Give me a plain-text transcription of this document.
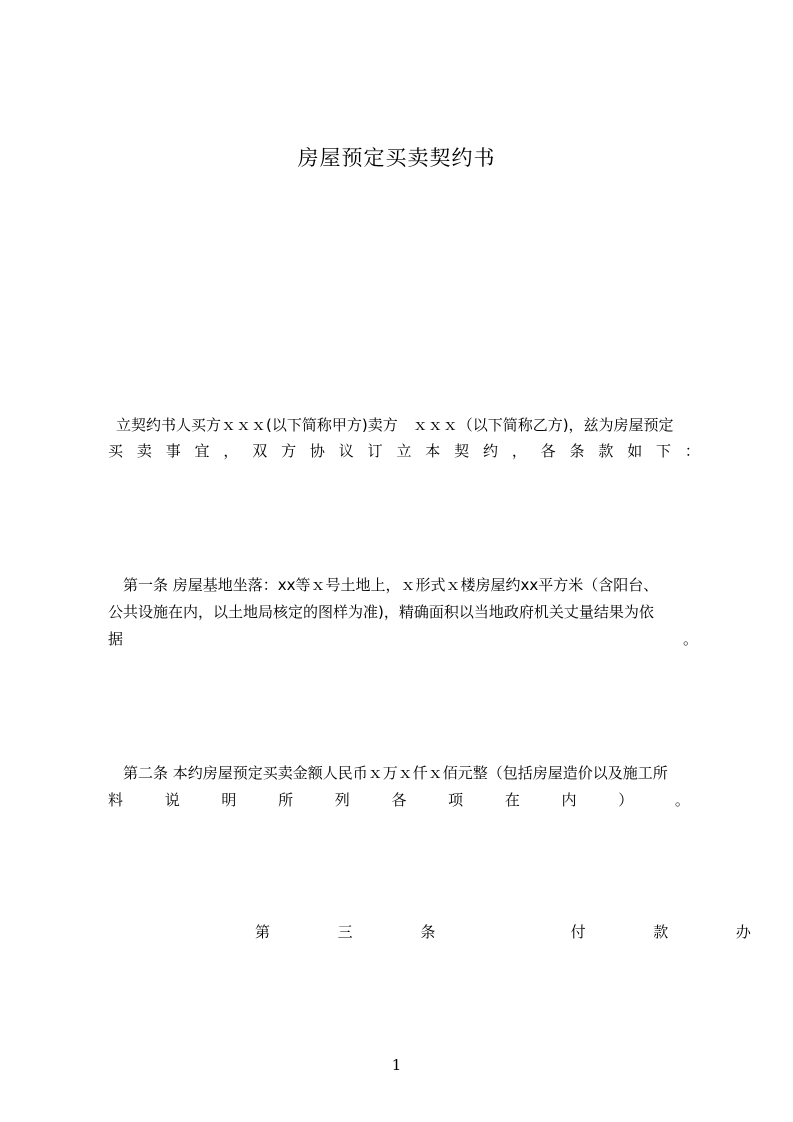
房屋预定买卖契约书
立契约书人买方ｘｘｘ(以下简称甲方)卖方　ｘｘｘ（以下简称乙方)，兹为房屋预定
买 卖 事 宜 ， 双 方 协 议 订 立 本 契 约 ， 各 条 款 如 下 ：
第一条 房屋基地坐落：xx等ｘ号土地上，ｘ形式ｘ楼房屋约xx平方米（含阳台、
公共设施在内，以土地局核定的图样为准)，精确面积以当地政府机关丈量结果为依
据	。
第二条 本约房屋预定买卖金额人民币ｘ万ｘ仟ｘ佰元整（包括房屋造价以及施工所
料	说	明	所	列	各	项	在	内	）	。
第	三	条	付	款	办
1
